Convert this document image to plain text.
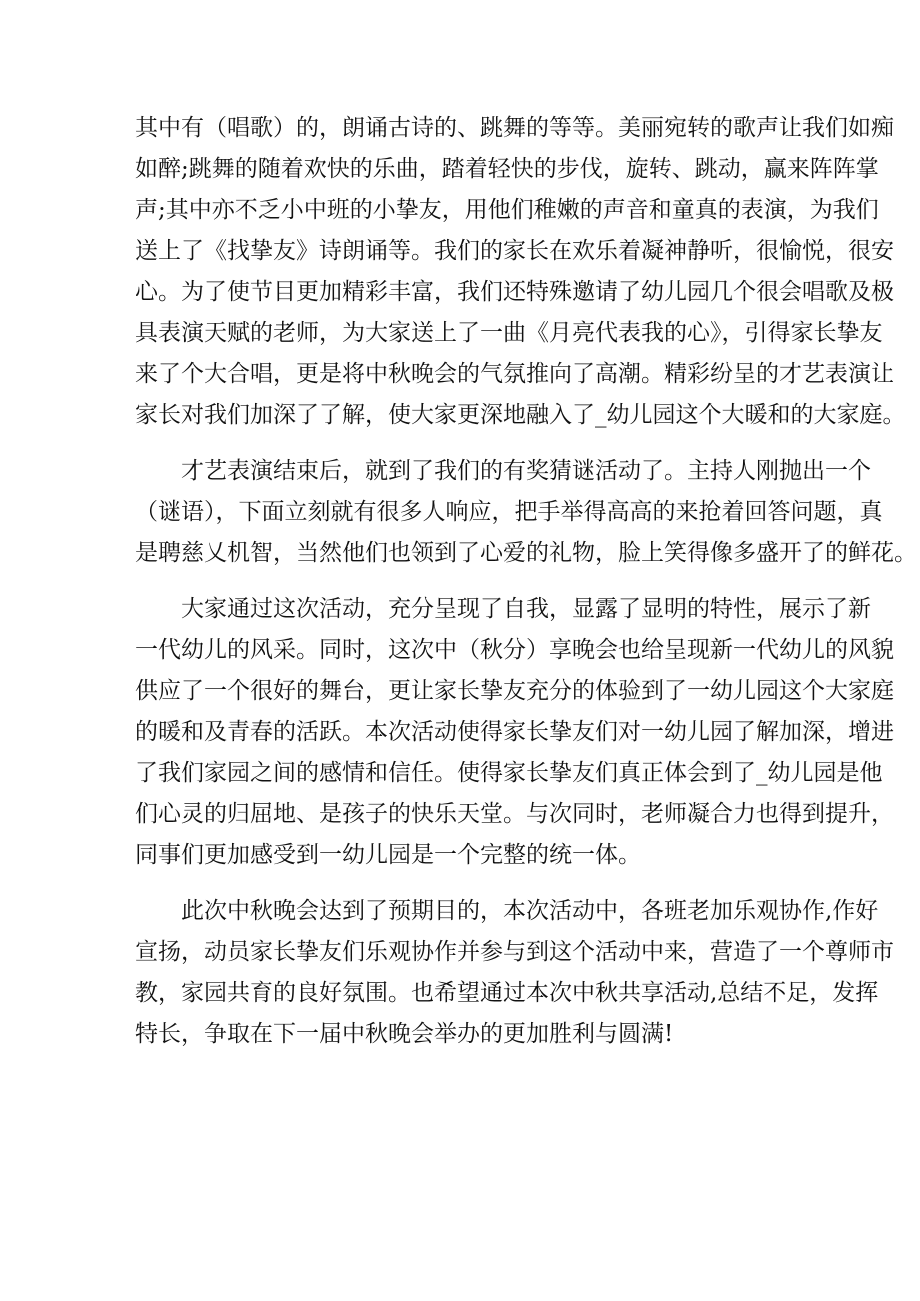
其中有（唱歌）的，朗诵古诗的、跳舞的等等。美丽宛转的歌声让我们如痴
如醉;跳舞的随着欢快的乐曲，踏着轻快的步伐，旋转、跳动，赢来阵阵掌
声;其中亦不乏小中班的小挚友，用他们稚嫩的声音和童真的表演，为我们
送上了《找挚友》诗朗诵等。我们的家长在欢乐着凝神静听，很愉悦，很安
心。为了使节目更加精彩丰富，我们还特殊邀请了幼儿园几个很会唱歌及极
具表演天赋的老师，为大家送上了一曲《月亮代表我的心》，引得家长挚友
来了个大合唱，更是将中秋晚会的气氛推向了高潮。精彩纷呈的才艺表演让
家长对我们加深了了解，使大家更深地融入了_幼儿园这个大暖和的大家庭。
才艺表演结束后，就到了我们的有奖猜谜活动了。主持人刚抛出一个
（谜语），下面立刻就有很多人响应，把手举得高高的来抢着回答问题，真
是聘慈乂机智，当然他们也领到了心爱的礼物，脸上笑得像多盛开了的鲜花。
大家通过这次活动，充分呈现了自我，显露了显明的特性，展示了新
一代幼儿的风采。同时，这次中（秋分）享晚会也给呈现新一代幼儿的风貌
供应了一个很好的舞台，更让家长挚友充分的体验到了一幼儿园这个大家庭
的暖和及青春的活跃。本次活动使得家长挚友们对一幼儿园了解加深，增进
了我们家园之间的感情和信任。使得家长挚友们真正体会到了_幼儿园是他
们心灵的归屈地、是孩子的快乐天堂。与次同时，老师凝合力也得到提升，
同事们更加感受到一幼儿园是一个完整的统一体。
此次中秋晚会达到了预期目的，本次活动中，各班老加乐观协作,作好
宣扬，动员家长挚友们乐观协作并参与到这个活动中来，营造了一个尊师市
教，家园共育的良好氛围。也希望通过本次中秋共享活动,总结不足，发挥
特长，争取在下一届中秋晚会举办的更加胜利与圆满!
